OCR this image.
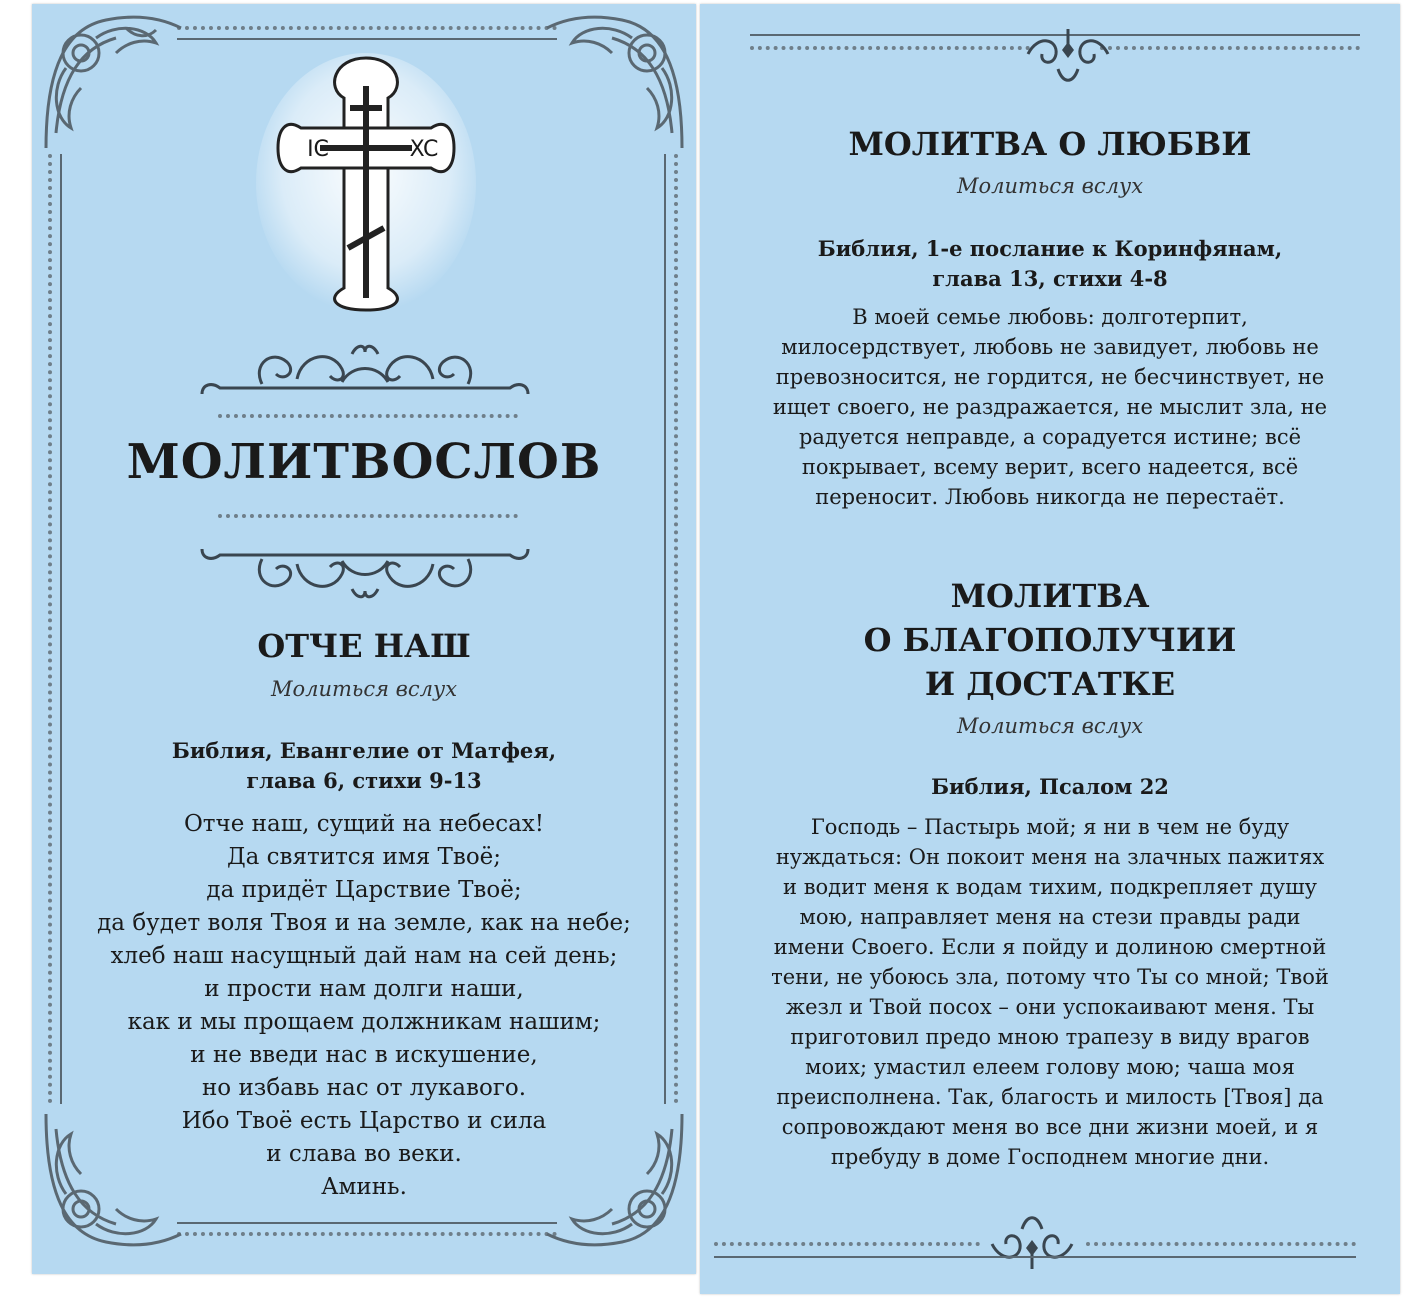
IC	XC
МОЛИТВОСЛОВ
ОТЧЕ НАШ
Молиться вслух
Библия, Евангелие от Матфея,
глава 6, стихи 9-13
Отче наш, сущий на небесах!
Да святится имя Твоё;
да придёт Царствие Твоё;
да будет воля Твоя и на земле, как на небе;
хлеб наш насущный дай нам на сей день;
и прости нам долги наши,
как и мы прощаем должникам нашим;
и не введи нас в искушение,
но избавь нас от лукавого.
Ибо Твоё есть Царство и сила
и слава во веки.
Аминь.
МОЛИТВА О ЛЮБВИ
Молиться вслух
Библия, 1-е послание к Коринфянам,
глава 13, стихи 4-8
В моей семье любовь: долготерпит,
милосердствует, любовь не завидует, любовь не
превозносится, не гордится, не бесчинствует, не
ищет своего, не раздражается, не мыслит зла, не
радуется неправде, а сорадуется истине; всё
покрывает, всему верит, всего надеется, всё
переносит. Любовь никогда не перестаёт.
МОЛИТВА
О БЛАГОПОЛУЧИИ
И ДОСТАТКЕ
Молиться вслух
Библия, Псалом 22
Господь – Пастырь мой; я ни в чем не буду
нуждаться: Он покоит меня на злачных пажитях
и водит меня к водам тихим, подкрепляет душу
мою, направляет меня на стези правды ради
имени Своего. Если я пойду и долиною смертной
тени, не убоюсь зла, потому что Ты со мной; Твой
жезл и Твой посох – они успокаивают меня. Ты
приготовил предо мною трапезу в виду врагов
моих; умастил елеем голову мою; чаша моя
преисполнена. Так, благость и милость [Твоя] да
сопровождают меня во все дни жизни моей, и я
пребуду в доме Господнем многие дни.
